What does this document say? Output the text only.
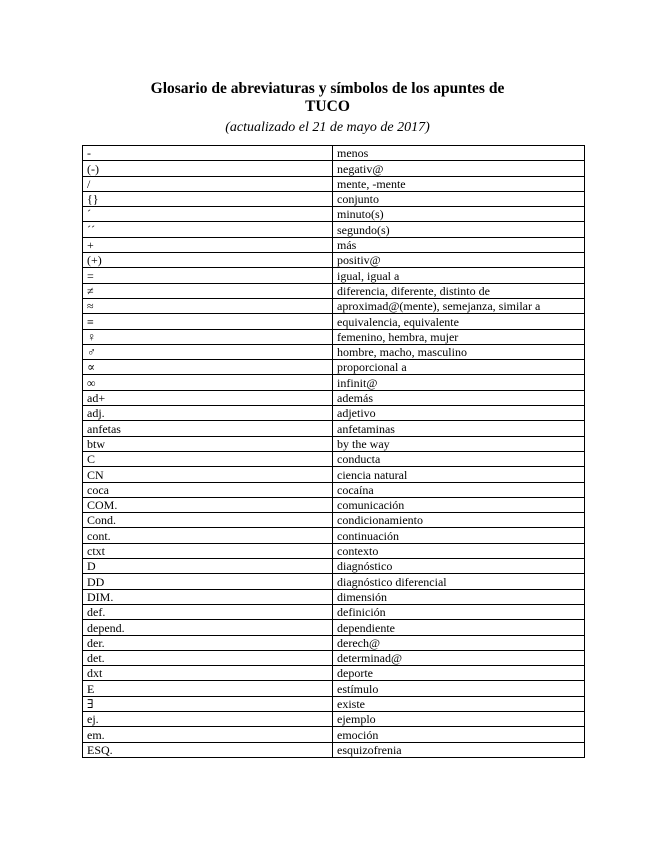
Glosario de abreviaturas y símbolos de los apuntes de
TUCO
(actualizado el 21 de mayo de 2017)
-	menos
(-)	negativ@
/	mente, -mente
{}	conjunto
´	minuto(s)
´´	segundo(s)
+	más
(+)	positiv@
=	igual, igual a
≠	diferencia, diferente, distinto de
≈	aproximad@(mente), semejanza, similar a
≡	equivalencia, equivalente
♀	femenino, hembra, mujer
♂	hombre, macho, masculino
∝	proporcional a
∞	infinit@
ad+	además
adj.	adjetivo
anfetas	anfetaminas
btw	by the way
C	conducta
CN	ciencia natural
coca	cocaína
COM.	comunicación
Cond.	condicionamiento
cont.	continuación
ctxt	contexto
D	diagnóstico
DD	diagnóstico diferencial
DIM.	dimensión
def.	definición
depend.	dependiente
der.	derech@
det.	determinad@
dxt	deporte
E	estímulo
∃	existe
ej.	ejemplo
em.	emoción
ESQ.	esquizofrenia
